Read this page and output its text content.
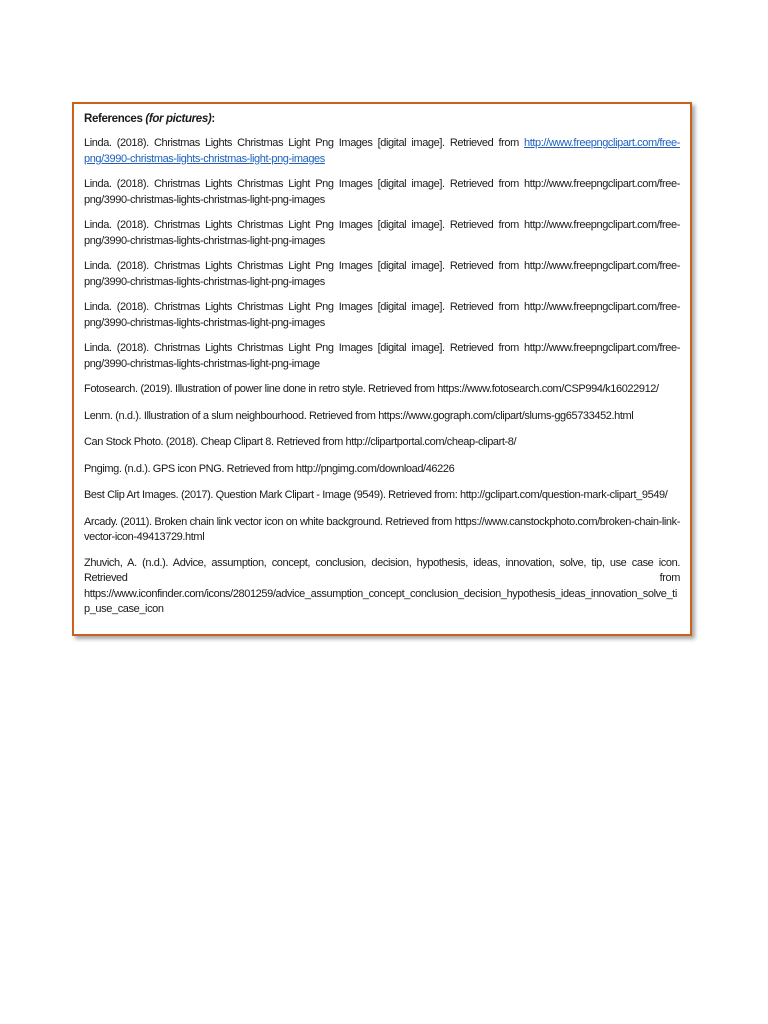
References (for pictures):

Linda. (2018). Christmas Lights Christmas Light Png Images [digital image]. Retrieved from http://www.freepngclipart.com/free-png/3990-christmas-lights-christmas-light-png-images

Linda. (2018). Christmas Lights Christmas Light Png Images [digital image]. Retrieved from http://www.freepngclipart.com/free-png/3990-christmas-lights-christmas-light-png-images

Linda. (2018). Christmas Lights Christmas Light Png Images [digital image]. Retrieved from http://www.freepngclipart.com/free-png/3990-christmas-lights-christmas-light-png-images

Linda. (2018). Christmas Lights Christmas Light Png Images [digital image]. Retrieved from http://www.freepngclipart.com/free-png/3990-christmas-lights-christmas-light-png-images

Linda. (2018). Christmas Lights Christmas Light Png Images [digital image]. Retrieved from http://www.freepngclipart.com/free-png/3990-christmas-lights-christmas-light-png-images

Linda. (2018). Christmas Lights Christmas Light Png Images [digital image]. Retrieved from http://www.freepngclipart.com/free-png/3990-christmas-lights-christmas-light-png-image

Fotosearch. (2019). Illustration of power line done in retro style. Retrieved from https://www.fotosearch.com/CSP994/k16022912/

Lenm. (n.d.). Illustration of a slum neighbourhood. Retrieved from https://www.gograph.com/clipart/slums-gg65733452.html

Can Stock Photo. (2018). Cheap Clipart 8. Retrieved from http://clipartportal.com/cheap-clipart-8/

Pngimg. (n.d.). GPS icon PNG. Retrieved from http://pngimg.com/download/46226

Best Clip Art Images. (2017). Question Mark Clipart - Image (9549). Retrieved from: http://gclipart.com/question-mark-clipart_9549/

Arcady. (2011). Broken chain link vector icon on white background. Retrieved from https://www.canstockphoto.com/broken-chain-link-vector-icon-49413729.html

Zhuvich, A. (n.d.). Advice, assumption, concept, conclusion, decision, hypothesis, ideas, innovation, solve, tip, use case icon. Retrieved from https://www.iconfinder.com/icons/2801259/advice_assumption_concept_conclusion_decision_hypothesis_ideas_innovation_solve_tip_use_case_icon
